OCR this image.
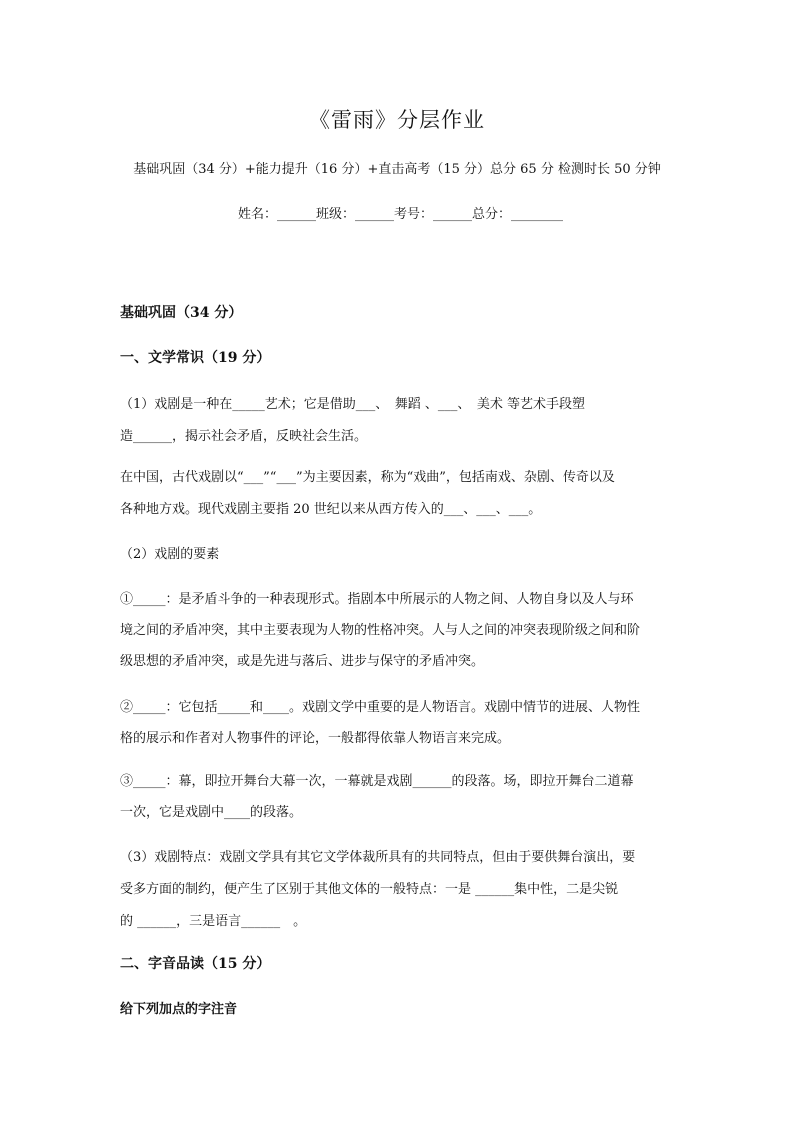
《雷雨》分层作业
基础巩固（34 分）+能力提升（16 分）+直击高考（15 分）总分 65 分 检测时长 50 分钟
姓名：______班级：______考号：______总分：________
基础巩固（34 分）
一、文学常识（19 分）
（1）戏剧是一种在_____艺术；它是借助___、　舞蹈 、___、　美术 等艺术手段塑
造______，揭示社会矛盾，反映社会生活。
在中国，古代戏剧以“___”“___”为主要因素，称为“戏曲”，包括南戏、杂剧、传奇以及
各种地方戏。现代戏剧主要指 20 世纪以来从西方传入的___、___、___。
（2）戏剧的要素
①_____：是矛盾斗争的一种表现形式。指剧本中所展示的人物之间、人物自身以及人与环
境之间的矛盾冲突，其中主要表现为人物的性格冲突。人与人之间的冲突表现阶级之间和阶
级思想的矛盾冲突，或是先进与落后、进步与保守的矛盾冲突。
②_____：它包括_____和____。戏剧文学中重要的是人物语言。戏剧中情节的进展、人物性
格的展示和作者对人物事件的评论，一般都得依靠人物语言来完成。
③_____：幕，即拉开舞台大幕一次，一幕就是戏剧______的段落。场，即拉开舞台二道幕
一次，它是戏剧中____的段落。
（3）戏剧特点：戏剧文学具有其它文学体裁所具有的共同特点，但由于要供舞台演出，要
受多方面的制约，便产生了区别于其他文体的一般特点：一是 ______集中性，二是尖锐
的 ______，三是语言______　。
二、字音品读（15 分）
给下列加点的字注音
